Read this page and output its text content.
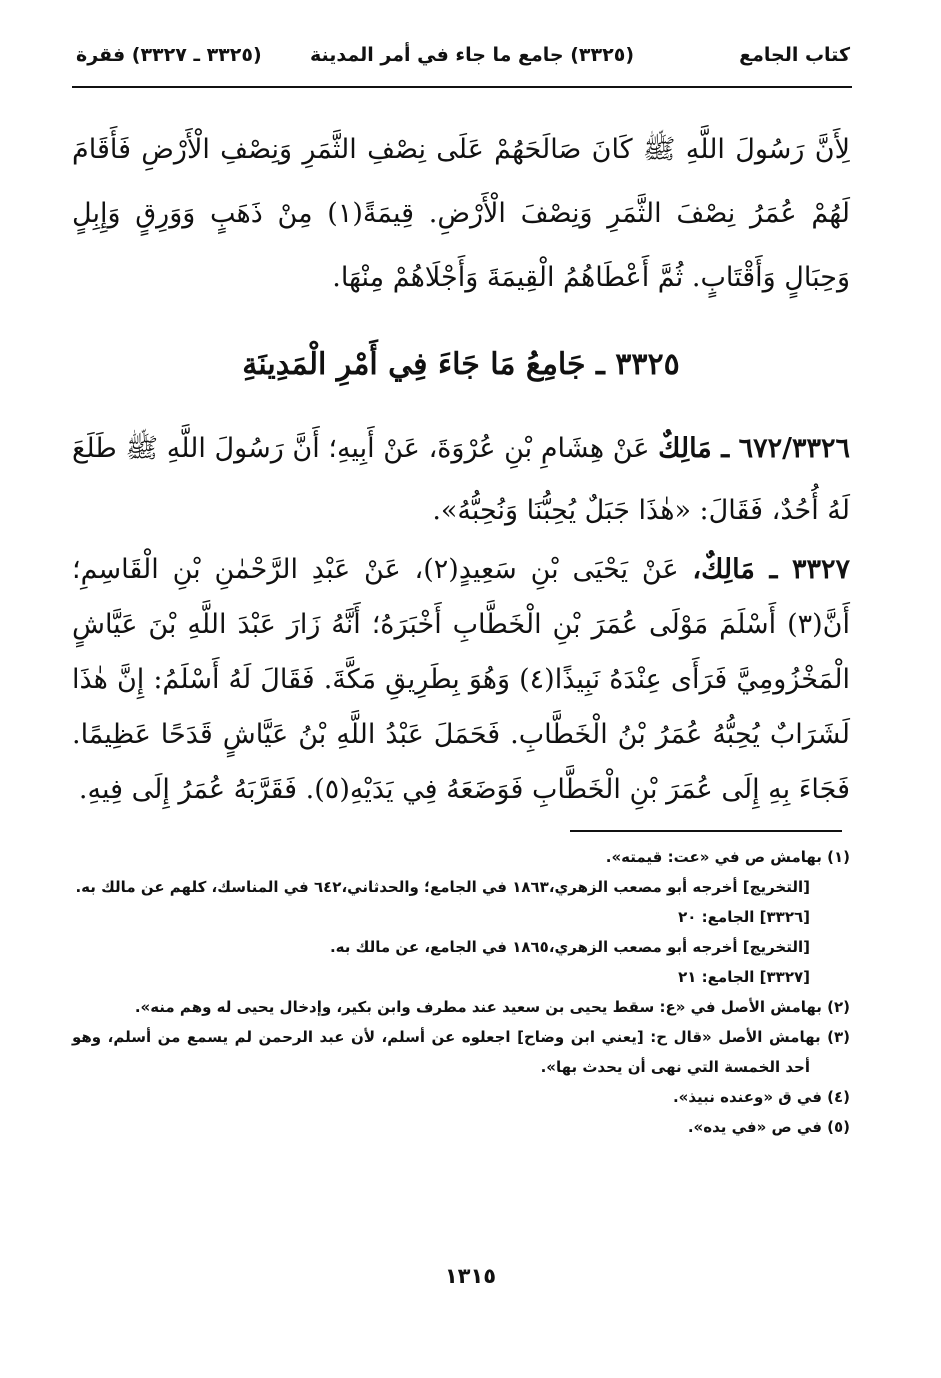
كتاب الجامع
(٣٣٢٥) جامع ما جاء في أمر المدينة
(٣٣٢٥ ـ ٣٣٢٧) فقرة
لِأَنَّ رَسُولَ اللَّهِ ﷺ كَانَ صَالَحَهُمْ عَلَى نِصْفِ الثَّمَرِ وَنِصْفِ الْأَرْضِ فَأَقَامَ لَهُمْ عُمَرُ نِصْفَ الثَّمَرِ وَنِصْفَ الْأَرْضِ. قِيمَةً(١) مِنْ ذَهَبٍ وَوَرِقٍ وَإِبِلٍ وَحِبَالٍ وَأَقْتَابٍ. ثُمَّ أَعْطَاهُمُ الْقِيمَةَ وَأَجْلَاهُمْ مِنْهَا.
٣٣٢٥ ـ جَامِعُ مَا جَاءَ فِي أَمْرِ الْمَدِينَةِ
٦٧٢/٣٣٢٦ ـ مَالِكٌ عَنْ هِشَامِ بْنِ عُرْوَةَ، عَنْ أَبِيهِ؛ أَنَّ رَسُولَ اللَّهِ ﷺ طَلَعَ لَهُ أُحُدٌ، فَقَالَ: «هٰذَا جَبَلٌ يُحِبُّنَا وَنُحِبُّهُ».
٣٣٢٧ ـ مَالِكٌ، عَنْ يَحْيَى بْنِ سَعِيدٍ(٢)، عَنْ عَبْدِ الرَّحْمٰنِ بْنِ الْقَاسِمِ؛ أَنَّ(٣) أَسْلَمَ مَوْلَى عُمَرَ بْنِ الْخَطَّابِ أَخْبَرَهُ؛ أَنَّهُ زَارَ عَبْدَ اللَّهِ بْنَ عَيَّاشٍ الْمَخْزُومِيَّ فَرَأَى عِنْدَهُ نَبِيذًا(٤) وَهُوَ بِطَرِيقِ مَكَّةَ. فَقَالَ لَهُ أَسْلَمُ: إِنَّ هٰذَا لَشَرَابٌ يُحِبُّهُ عُمَرُ بْنُ الْخَطَّابِ. فَحَمَلَ عَبْدُ اللَّهِ بْنُ عَيَّاشٍ قَدَحًا عَظِيمًا. فَجَاءَ بِهِ إِلَى عُمَرَ بْنِ الْخَطَّابِ فَوَضَعَهُ فِي يَدَيْهِ(٥). فَقَرَّبَهُ عُمَرُ إِلَى فِيهِ.

(١) بهامش ص في «عت: قيمته».

[التخريج] أخرجه أبو مصعب الزهري،١٨٦٣ في الجامع؛ والحدثاني،٦٤٢ في المناسك، كلهم عن مالك به.

[٣٣٢٦] الجامع: ٢٠

[التخريج] أخرجه أبو مصعب الزهري،١٨٦٥ في الجامع، عن مالك به.

[٣٣٢٧] الجامع: ٢١

(٢) بهامش الأصل في «ع: سقط يحيى بن سعيد عند مطرف وابن بكير، وإدخال يحيى له وهم منه».

(٣) بهامش الأصل «قال ح: [يعني ابن وضاح] اجعلوه عن أسلم، لأن عبد الرحمن لم يسمع من أسلم، وهو أحد الخمسة التي نهى أن يحدث بها».

(٤) في ق «وعنده نبيذ».

(٥) في ص «في يده».

١٣١٥
